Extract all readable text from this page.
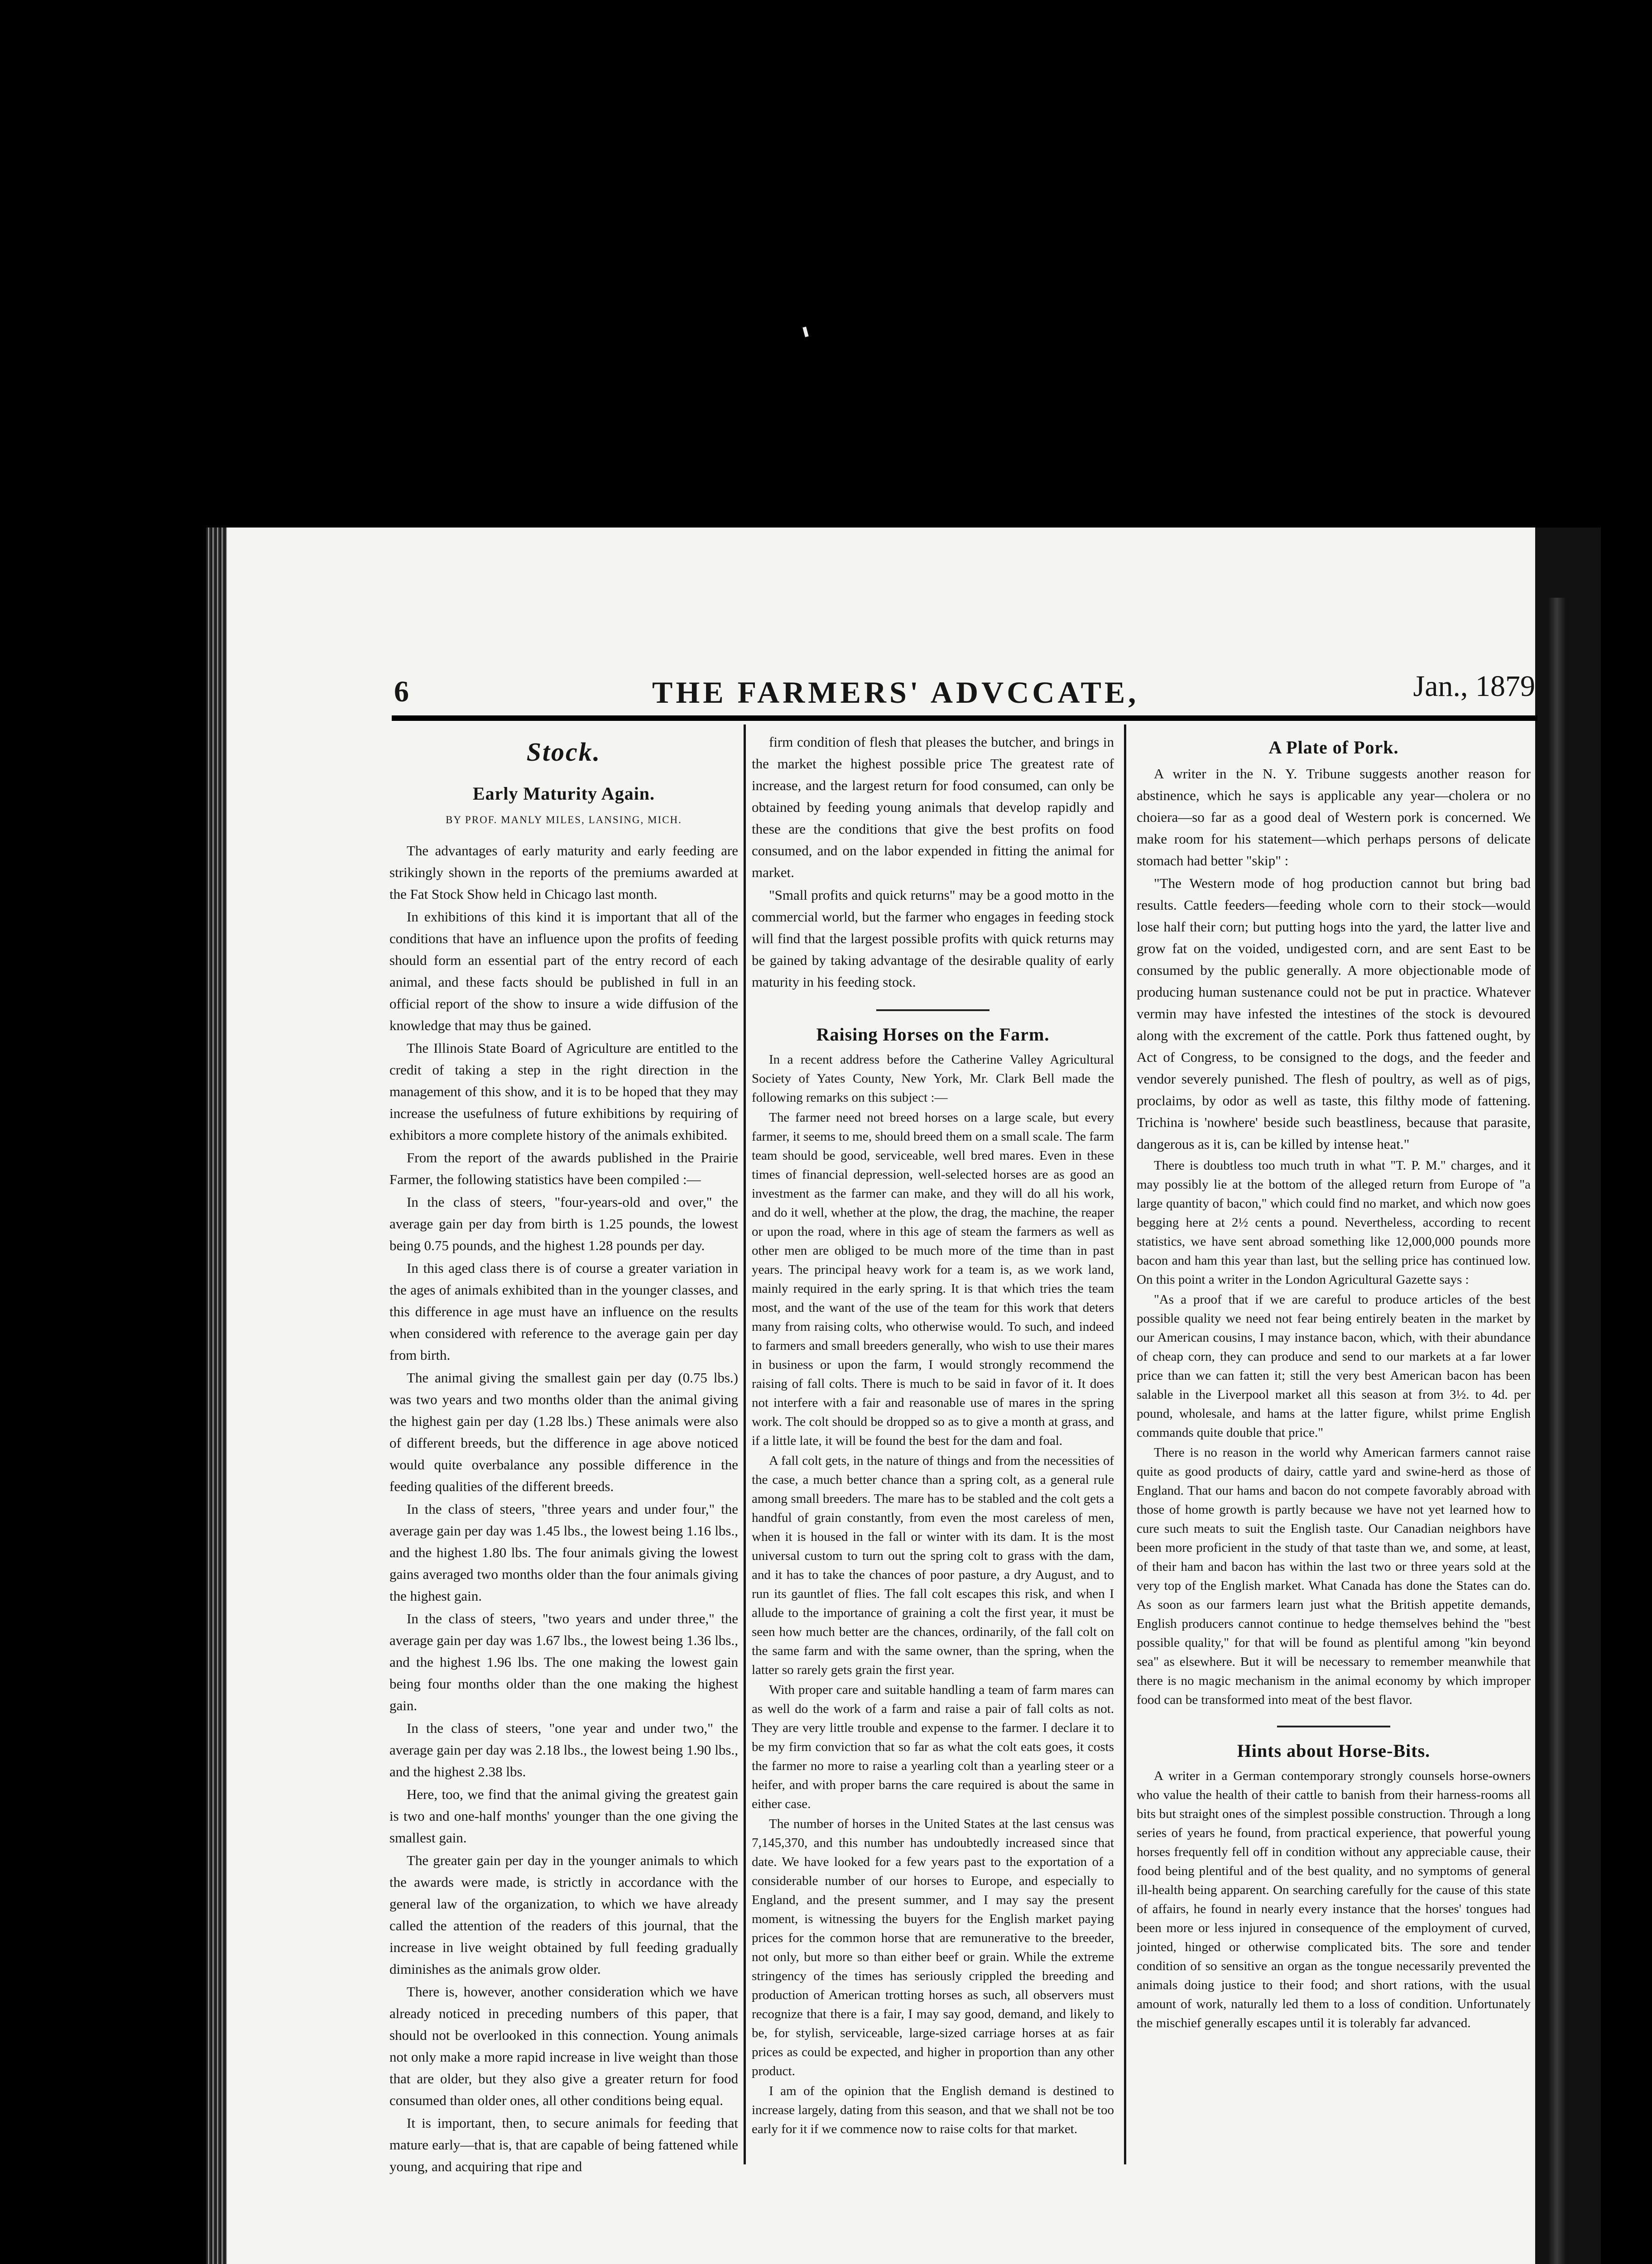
6	THE FARMERS' ADVCCATE,	Jan., 1879
Stock.
Early Maturity Again.
BY PROF. MANLY MILES, LANSING, MICH.

The advantages of early maturity and early feeding are strikingly shown in the reports of the premiums awarded at the Fat Stock Show held in Chicago last month.

In exhibitions of this kind it is important that all of the conditions that have an influence upon the profits of feeding should form an essential part of the entry record of each animal, and these facts should be published in full in an official report of the show to insure a wide diffusion of the knowledge that may thus be gained.

The Illinois State Board of Agriculture are entitled to the credit of taking a step in the right direction in the management of this show, and it is to be hoped that they may increase the usefulness of future exhibitions by requiring of exhibitors a more complete history of the animals exhibited.

From the report of the awards published in the Prairie Farmer, the following statistics have been compiled :—

In the class of steers, "four-years-old and over," the average gain per day from birth is 1.25 pounds, the lowest being 0.75 pounds, and the highest 1.28 pounds per day.

In this aged class there is of course a greater variation in the ages of animals exhibited than in the younger classes, and this difference in age must have an influence on the results when considered with reference to the average gain per day from birth.

The animal giving the smallest gain per day (0.75 lbs.) was two years and two months older than the animal giving the highest gain per day (1.28 lbs.) These animals were also of different breeds, but the difference in age above noticed would quite overbalance any possible difference in the feeding qualities of the different breeds.

In the class of steers, "three years and under four," the average gain per day was 1.45 lbs., the lowest being 1.16 lbs., and the highest 1.80 lbs. The four animals giving the lowest gains averaged two months older than the four animals giving the highest gain.

In the class of steers, "two years and under three," the average gain per day was 1.67 lbs., the lowest being 1.36 lbs., and the highest 1.96 lbs. The one making the lowest gain being four months older than the one making the highest gain.

In the class of steers, "one year and under two," the average gain per day was 2.18 lbs., the lowest being 1.90 lbs., and the highest 2.38 lbs.

Here, too, we find that the animal giving the greatest gain is two and one-half months' younger than the one giving the smallest gain.

The greater gain per day in the younger animals to which the awards were made, is strictly in accordance with the general law of the organization, to which we have already called the attention of the readers of this journal, that the increase in live weight obtained by full feeding gradually diminishes as the animals grow older.

There is, however, another consideration which we have already noticed in preceding numbers of this paper, that should not be overlooked in this connection. Young animals not only make a more rapid increase in live weight than those that are older, but they also give a greater return for food consumed than older ones, all other conditions being equal.

It is important, then, to secure animals for feeding that mature early—that is, that are capable of being fattened while young, and acquiring that ripe and

firm condition of flesh that pleases the butcher, and brings in the market the highest possible price The greatest rate of increase, and the largest return for food consumed, can only be obtained by feeding young animals that develop rapidly and these are the conditions that give the best profits on food consumed, and on the labor expended in fitting the animal for market.

"Small profits and quick returns" may be a good motto in the commercial world, but the farmer who engages in feeding stock will find that the largest possible profits with quick returns may be gained by taking advantage of the desirable quality of early maturity in his feeding stock.

Raising Horses on the Farm.

In a recent address before the Catherine Valley Agricultural Society of Yates County, New York, Mr. Clark Bell made the following remarks on this subject :—

The farmer need not breed horses on a large scale, but every farmer, it seems to me, should breed them on a small scale. The farm team should be good, serviceable, well bred mares. Even in these times of financial depression, well-selected horses are as good an investment as the farmer can make, and they will do all his work, and do it well, whether at the plow, the drag, the machine, the reaper or upon the road, where in this age of steam the farmers as well as other men are obliged to be much more of the time than in past years. The principal heavy work for a team is, as we work land, mainly required in the early spring. It is that which tries the team most, and the want of the use of the team for this work that deters many from raising colts, who otherwise would. To such, and indeed to farmers and small breeders generally, who wish to use their mares in business or upon the farm, I would strongly recommend the raising of fall colts. There is much to be said in favor of it. It does not interfere with a fair and reasonable use of mares in the spring work. The colt should be dropped so as to give a month at grass, and if a little late, it will be found the best for the dam and foal.

A fall colt gets, in the nature of things and from the necessities of the case, a much better chance than a spring colt, as a general rule among small breeders. The mare has to be stabled and the colt gets a handful of grain constantly, from even the most careless of men, when it is housed in the fall or winter with its dam. It is the most universal custom to turn out the spring colt to grass with the dam, and it has to take the chances of poor pasture, a dry August, and to run its gauntlet of flies. The fall colt escapes this risk, and when I allude to the importance of graining a colt the first year, it must be seen how much better are the chances, ordinarily, of the fall colt on the same farm and with the same owner, than the spring, when the latter so rarely gets grain the first year.

With proper care and suitable handling a team of farm mares can as well do the work of a farm and raise a pair of fall colts as not. They are very little trouble and expense to the farmer. I declare it to be my firm conviction that so far as what the colt eats goes, it costs the farmer no more to raise a yearling colt than a yearling steer or a heifer, and with proper barns the care required is about the same in either case.

The number of horses in the United States at the last census was 7,145,370, and this number has undoubtedly increased since that date. We have looked for a few years past to the exportation of a considerable number of our horses to Europe, and especially to England, and the present summer, and I may say the present moment, is witnessing the buyers for the English market paying prices for the common horse that are remunerative to the breeder, not only, but more so than either beef or grain. While the extreme stringency of the times has seriously crippled the breeding and production of American trotting horses as such, all observers must recognize that there is a fair, I may say good, demand, and likely to be, for stylish, serviceable, large-sized carriage horses at as fair prices as could be expected, and higher in proportion than any other product.

I am of the opinion that the English demand is destined to increase largely, dating from this season, and that we shall not be too early for it if we commence now to raise colts for that market.

A Plate of Pork.

A writer in the N. Y. Tribune suggests another reason for abstinence, which he says is applicable any year—cholera or no choiera—so far as a good deal of Western pork is concerned. We make room for his statement—which perhaps persons of delicate stomach had better "skip" :

"The Western mode of hog production cannot but bring bad results. Cattle feeders—feeding whole corn to their stock—would lose half their corn; but putting hogs into the yard, the latter live and grow fat on the voided, undigested corn, and are sent East to be consumed by the public generally. A more objectionable mode of producing human sustenance could not be put in practice. Whatever vermin may have infested the intestines of the stock is devoured along with the excrement of the cattle. Pork thus fattened ought, by Act of Congress, to be consigned to the dogs, and the feeder and vendor severely punished. The flesh of poultry, as well as of pigs, proclaims, by odor as well as taste, this filthy mode of fattening. Trichina is 'nowhere' beside such beastliness, because that parasite, dangerous as it is, can be killed by intense heat."

There is doubtless too much truth in what "T. P. M." charges, and it may possibly lie at the bottom of the alleged return from Europe of "a large quantity of bacon," which could find no market, and which now goes begging here at 2½ cents a pound. Nevertheless, according to recent statistics, we have sent abroad something like 12,000,000 pounds more bacon and ham this year than last, but the selling price has continued low. On this point a writer in the London Agricultural Gazette says :

"As a proof that if we are careful to produce articles of the best possible quality we need not fear being entirely beaten in the market by our American cousins, I may instance bacon, which, with their abundance of cheap corn, they can produce and send to our markets at a far lower price than we can fatten it; still the very best American bacon has been salable in the Liverpool market all this season at from 3½. to 4d. per pound, wholesale, and hams at the latter figure, whilst prime English commands quite double that price."

There is no reason in the world why American farmers cannot raise quite as good products of dairy, cattle yard and swine-herd as those of England. That our hams and bacon do not compete favorably abroad with those of home growth is partly because we have not yet learned how to cure such meats to suit the English taste. Our Canadian neighbors have been more proficient in the study of that taste than we, and some, at least, of their ham and bacon has within the last two or three years sold at the very top of the English market. What Canada has done the States can do. As soon as our farmers learn just what the British appetite demands, English producers cannot continue to hedge themselves behind the "best possible quality," for that will be found as plentiful among "kin beyond sea" as elsewhere. But it will be necessary to remember meanwhile that there is no magic mechanism in the animal economy by which improper food can be transformed into meat of the best flavor.

Hints about Horse-Bits.

A writer in a German contemporary strongly counsels horse-owners who value the health of their cattle to banish from their harness-rooms all bits but straight ones of the simplest possible construction. Through a long series of years he found, from practical experience, that powerful young horses frequently fell off in condition without any appreciable cause, their food being plentiful and of the best quality, and no symptoms of general ill-health being apparent. On searching carefully for the cause of this state of affairs, he found in nearly every instance that the horses' tongues had been more or less injured in consequence of the employment of curved, jointed, hinged or otherwise complicated bits. The sore and tender condition of so sensitive an organ as the tongue necessarily prevented the animals doing justice to their food; and short rations, with the usual amount of work, naturally led them to a loss of condition. Unfortunately the mischief generally escapes until it is tolerably far advanced.
